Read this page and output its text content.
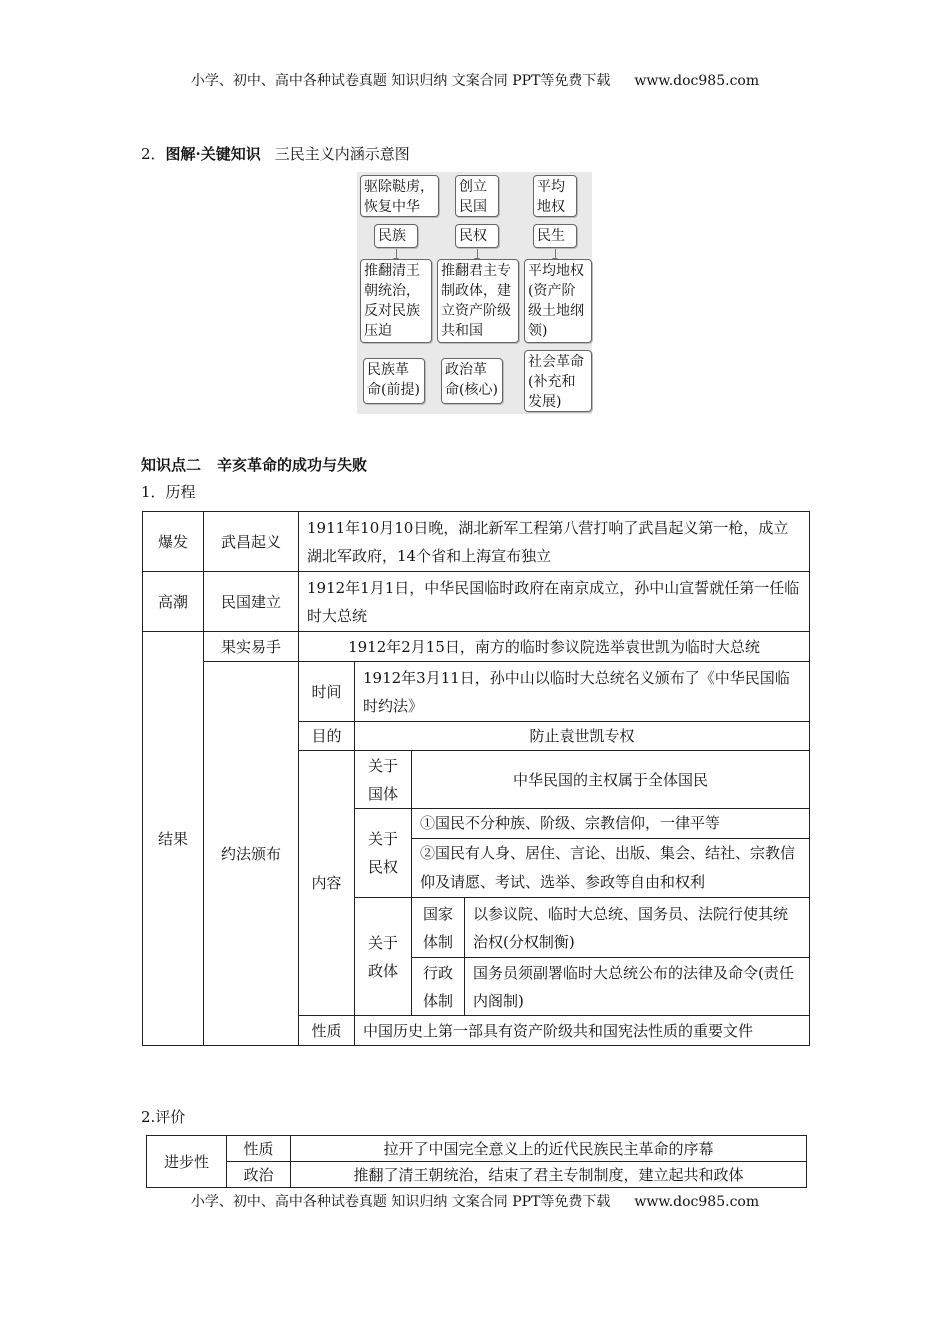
小学、初中、高中各种试卷真题 知识归纳 文案合同 PPT等免费下载 www.doc985.com
2．图解·关键知识 三民主义内涵示意图
驱除鞑虏，恢复中华
创立民国
平均地权
民族	民权	民生
推翻清王朝统治，反对民族压迫
推翻君主专制政体，建立资产阶级共和国
平均地权(资产阶级土地纲领)
民族革命(前提)
政治革命(核心)
社会革命(补充和发展)
知识点二 辛亥革命的成功与失败
1．历程
爆发	武昌起义	1911年10月10日晚，湖北新军工程第八营打响了武昌起义第一枪，成立湖北军政府，14个省和上海宣布独立			
高潮	民国建立	1912年1月1日，中华民国临时政府在南京成立，孙中山宣誓就任第一任临时大总统			
结果	果实易手	1912年2月15日，南方的临时参议院选举袁世凯为临时大总统			
	约法颁布	时间	1912年3月11日，孙中山以临时大总统名义颁布了《中华民国临时约法》		
		目的	防止袁世凯专权		
		内容	关于国体	中华民国的主权属于全体国民	
			关于民权	①国民不分种族、阶级、宗教信仰，一律平等	
				②国民有人身、居住、言论、出版、集会、结社、宗教信仰及请愿、考试、选举、参政等自由和权利	
			关于政体	国家体制	以参议院、临时大总统、国务员、法院行使其统治权(分权制衡)
				行政体制	国务员须副署临时大总统公布的法律及命令(责任内阁制)
		性质	中国历史上第一部具有资产阶级共和国宪法性质的重要文件		
2.评价
进步性	性质	拉开了中国完全意义上的近代民族民主革命的序幕
	政治	推翻了清王朝统治，结束了君主专制制度，建立起共和政体
小学、初中、高中各种试卷真题 知识归纳 文案合同 PPT等免费下载 www.doc985.com
